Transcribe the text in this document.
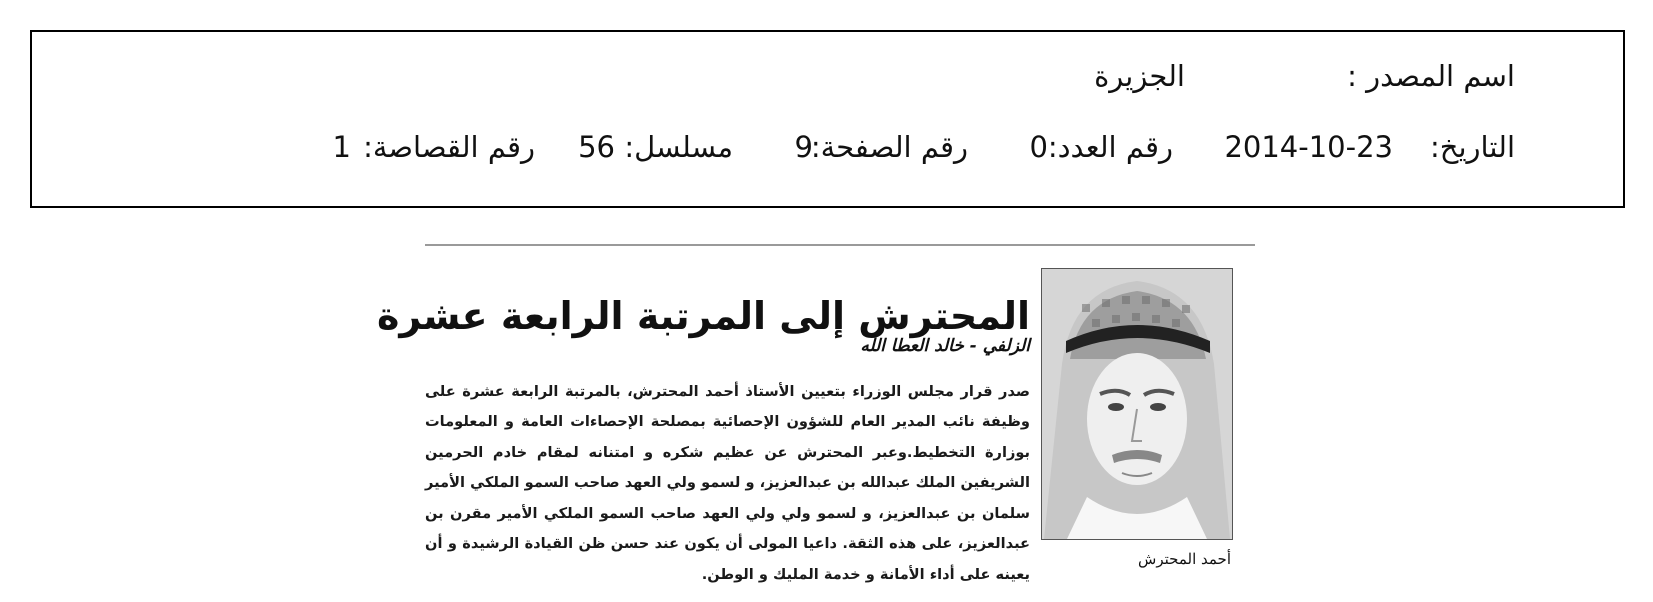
اسم المصدر :
الجزيرة
التاريخ:
2014-10-23
رقم العدد:
0
رقم الصفحة:
9
مسلسل:
56
رقم القصاصة:
1
المحترش إلى المرتبة الرابعة عشرة
الزلفي - خالد العطا الله

صدر قرار مجلس الوزراء بتعيين الأستاذ أحمد المحترش، بالمرتبة الرابعة عشرة على وظيفة نائب المدير العام للشؤون الإحصائية بمصلحة الإحصاءات العامة و المعلومات بوزارة التخطيط.وعبر المحترش عن عظيم شكره و امتنانه لمقام خادم الحرمين الشريفين الملك عبدالله بن عبدالعزيز، و لسمو ولي العهد صاحب السمو الملكي الأمير سلمان بن عبدالعزيز، و لسمو ولي ولي العهد صاحب السمو الملكي الأمير مقرن بن عبدالعزيز، على هذه الثقة. داعيا المولى أن يكون عند حسن ظن القيادة الرشيدة و أن يعينه على أداء الأمانة و خدمة المليك و الوطن.

أحمد المحترش
